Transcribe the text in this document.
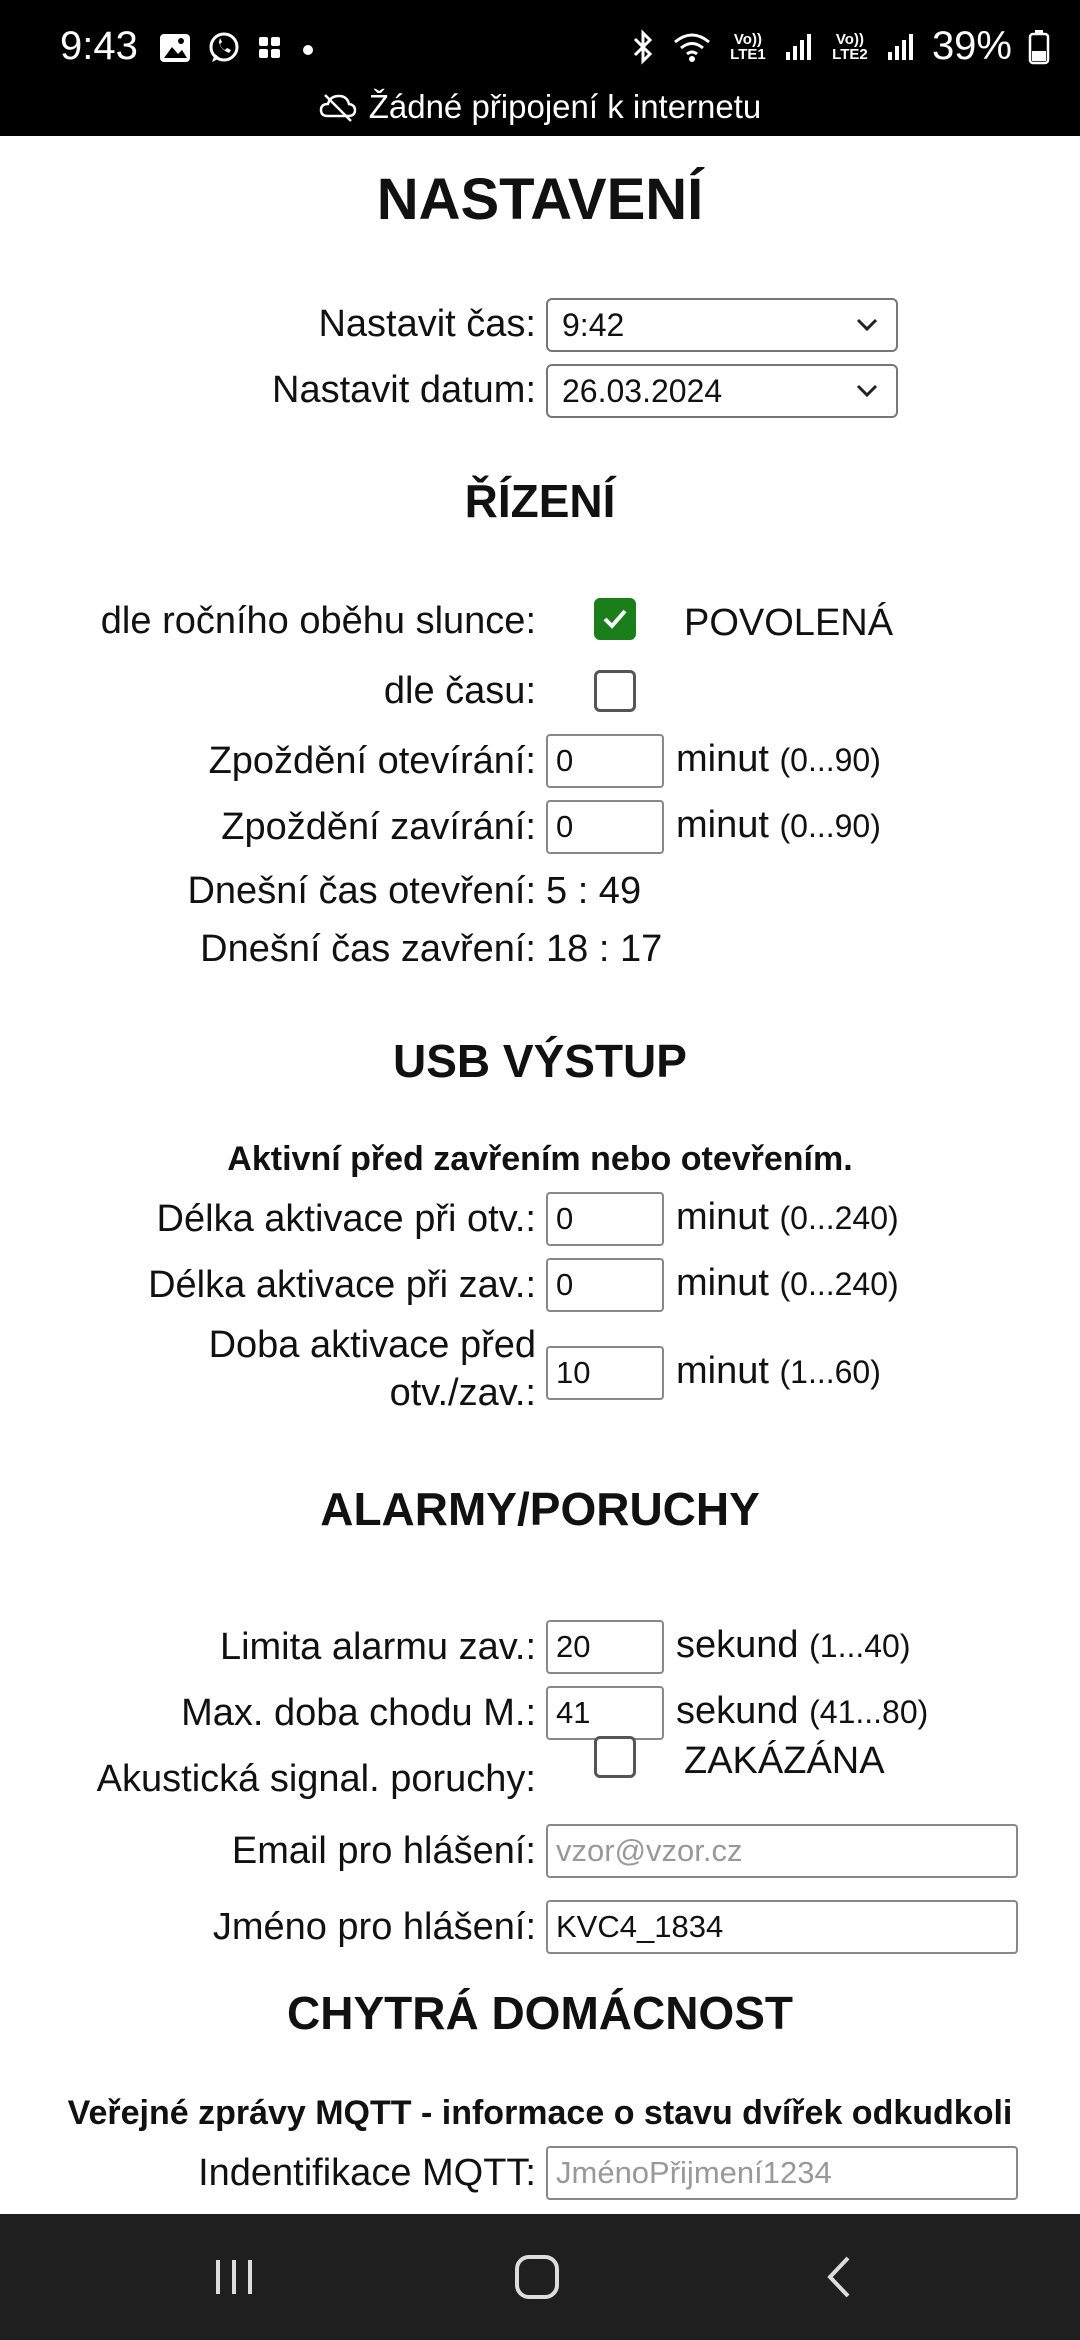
9:43	Vo)) LTE1
Vo)) LTE2 39%
Žádné připojení k internetu
NASTAVENÍ
Nastavit čas: 9:42
Nastavit datum: 26.03.2024
ŘÍZENÍ
dle ročního oběhu slunce:	POVOLENÁ
dle času:
Zpoždění otevírání: 0	minut (0...90)
Zpoždění zavírání: 0	minut (0...90)
Dnešní čas otevření: 5 : 49
Dnešní čas zavření: 18 : 17
USB VÝSTUP
Aktivní před zavřením nebo otevřením.
Délka aktivace při otv.: 0	minut (0...240)
Délka aktivace při zav.: 0	minut (0...240)
Doba aktivace před
otv./zav.: 10	minut (1...60)
ALARMY/PORUCHY
Limita alarmu zav.: 20	sekund (1...40)
Max. doba chodu M.: 41	sekund (41...80)
Akustická signal. poruchy:	ZAKÁZÁNA
Email pro hlášení: vzor@vzor.cz
Jméno pro hlášení: KVC4_1834
CHYTRÁ DOMÁCNOST
Veřejné zprávy MQTT - informace o stavu dvířek odkudkoli
Indentifikace MQTT: JménoPřijmení1234
